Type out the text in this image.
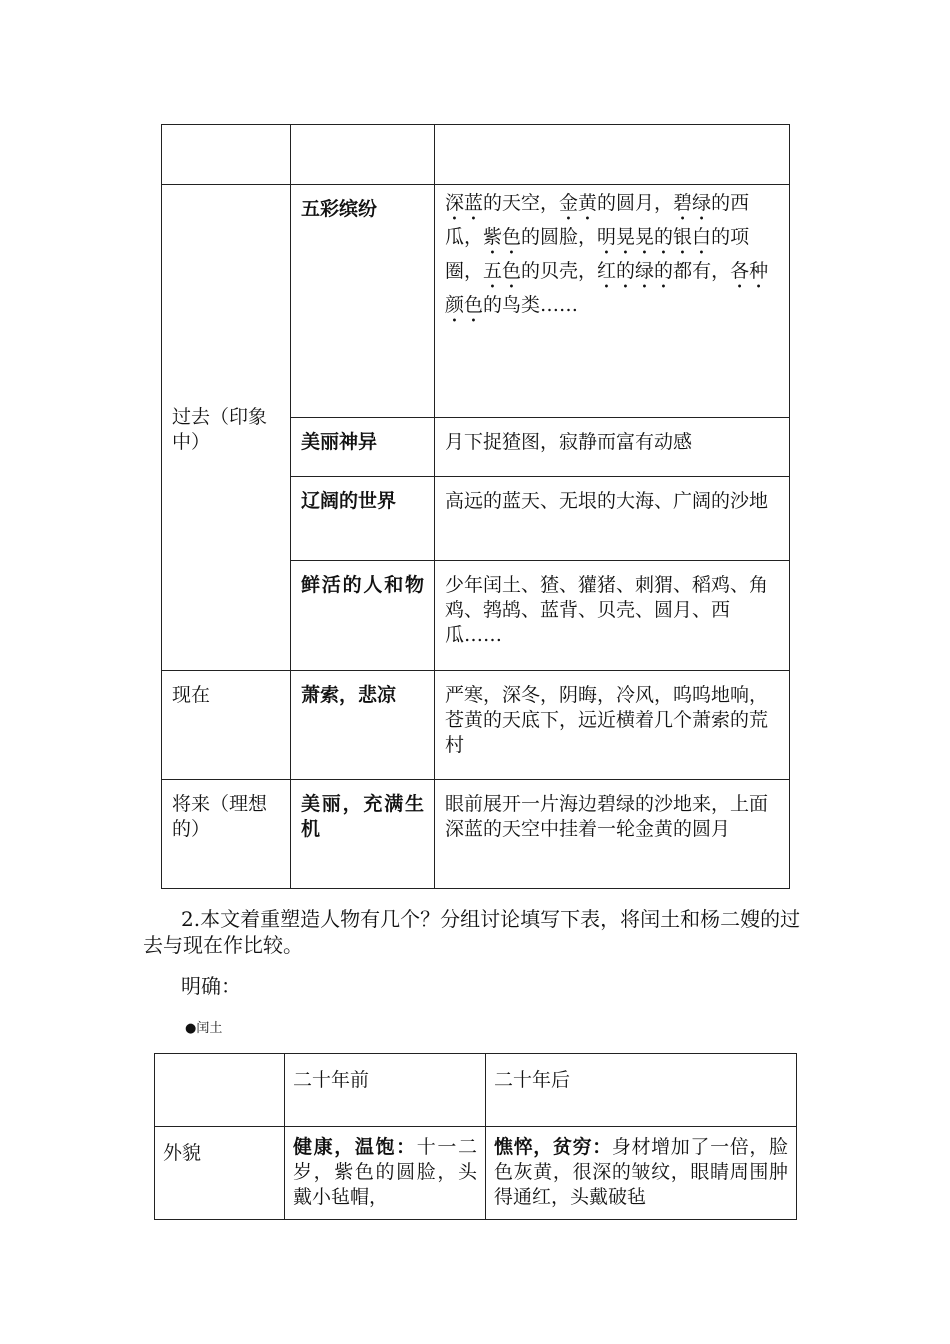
过去（印象中）	五彩缤纷	深蓝的天空，金黄的圆月，碧绿的西瓜，紫色的圆脸，明晃晃的银白的项圈，五色的贝壳，红的绿的都有，各种颜色的鸟类……
	美丽神异	月下捉猹图，寂静而富有动感
	辽阔的世界	高远的蓝天、无垠的大海、广阔的沙地
	鲜活的人和物	少年闰土、猹、獾猪、刺猬、稻鸡、角鸡、鹁鸪、蓝背、贝壳、圆月、西瓜……
现在	萧索，悲凉	严寒，深冬，阴晦，冷风，呜呜地响，苍黄的天底下，远近横着几个萧索的荒村
将来（理想的）	美丽，充满生机	眼前展开一片海边碧绿的沙地来，上面深蓝的天空中挂着一轮金黄的圆月
2.本文着重塑造人物有几个？分组讨论填写下表，将闰土和杨二嫂的过去与现在作比较。
明确：
●闰土
	二十年前	二十年后
外貌	健康，温饱：十一二岁，紫色的圆脸，头戴小毡帽，	憔悴，贫穷：身材增加了一倍，脸色灰黄，很深的皱纹，眼睛周围肿得通红，头戴破毡
